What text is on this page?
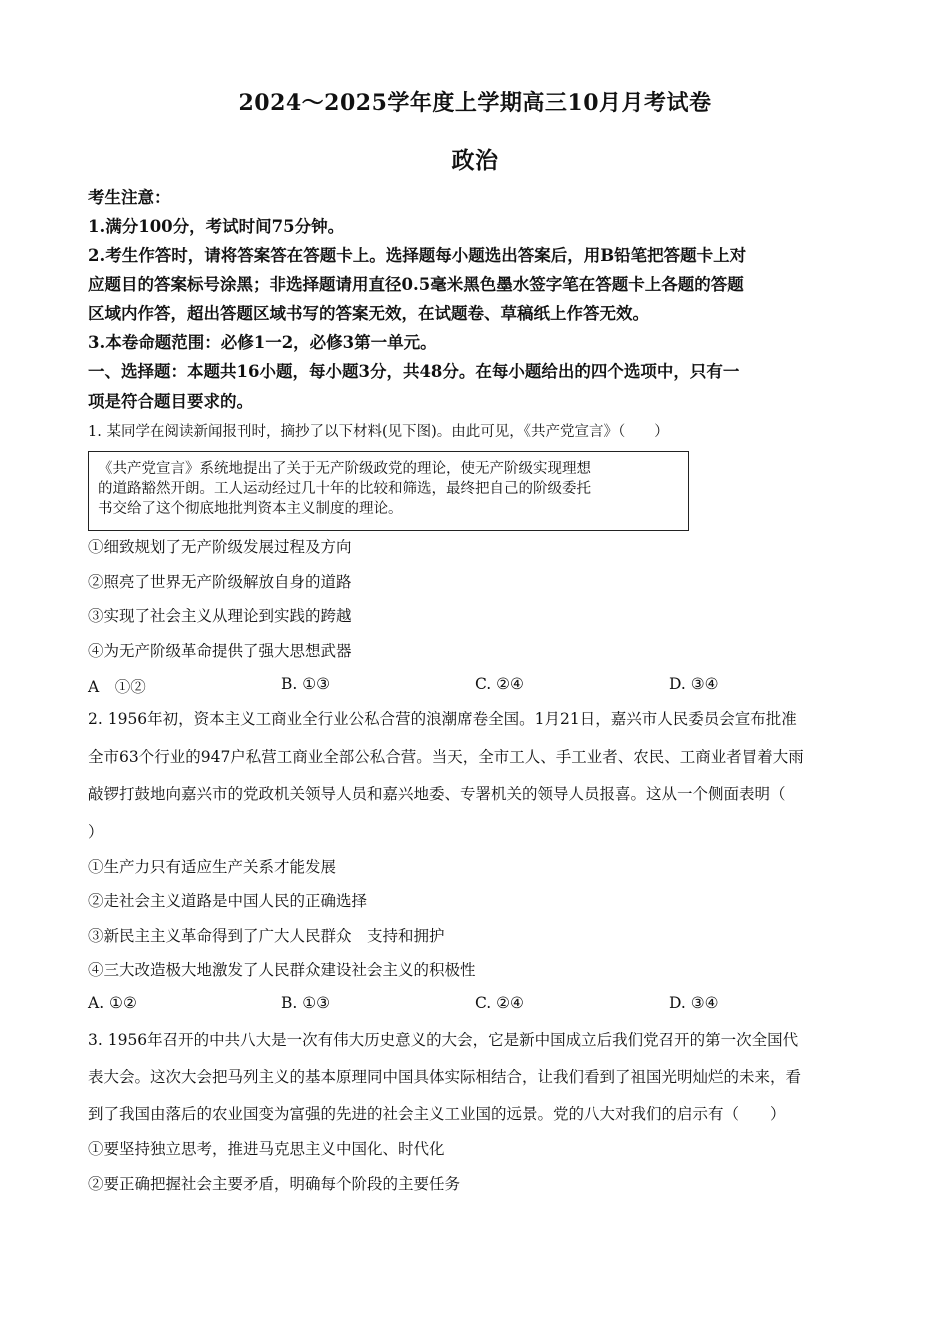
2024～2025学年度上学期高三10月月考试卷
政治
考生注意：
1.满分100分，考试时间75分钟。
2.考生作答时，请将答案答在答题卡上。选择题每小题选出答案后，用B铅笔把答题卡上对
应题目的答案标号涂黑；非选择题请用直径0.5毫米黑色墨水签字笔在答题卡上各题的答题
区域内作答，超出答题区域书写的答案无效，在试题卷、草稿纸上作答无效。
3.本卷命题范围：必修1一2，必修3第一单元。
一、选择题：本题共16小题，每小题3分，共48分。在每小题给出的四个选项中，只有一
项是符合题目要求的。
1. 某同学在阅读新闻报刊时，摘抄了以下材料(见下图)。由此可见，《共产党宣言》（　　）
《共产党宣言》系统地提出了关于无产阶级政党的理论，使无产阶级实现理想
的道路豁然开朗。工人运动经过几十年的比较和筛选，最终把自己的阶级委托
书交给了这个彻底地批判资本主义制度的理论。
①细致规划了无产阶级发展过程及方向
②照亮了世界无产阶级解放自身的道路
③实现了社会主义从理论到实践的跨越
④为无产阶级革命提供了强大思想武器
A　①②	B. ①③	C. ②④	D. ③④
2. 1956年初，资本主义工商业全行业公私合营的浪潮席卷全国。1月21日，嘉兴市人民委员会宣布批准
全市63个行业的947户私营工商业全部公私合营。当天，全市工人、手工业者、农民、工商业者冒着大雨
敲锣打鼓地向嘉兴市的党政机关领导人员和嘉兴地委、专署机关的领导人员报喜。这从一个侧面表明（
）
①生产力只有适应生产关系才能发展
②走社会主义道路是中国人民的正确选择
③新民主主义革命得到了广大人民群众　支持和拥护
④三大改造极大地激发了人民群众建设社会主义的积极性
A. ①②	B. ①③	C. ②④	D. ③④
3. 1956年召开的中共八大是一次有伟大历史意义的大会，它是新中国成立后我们党召开的第一次全国代
表大会。这次大会把马列主义的基本原理同中国具体实际相结合，让我们看到了祖国光明灿烂的未来，看
到了我国由落后的农业国变为富强的先进的社会主义工业国的远景。党的八大对我们的启示有（　　）
①要坚持独立思考，推进马克思主义中国化、时代化
②要正确把握社会主要矛盾，明确每个阶段的主要任务
